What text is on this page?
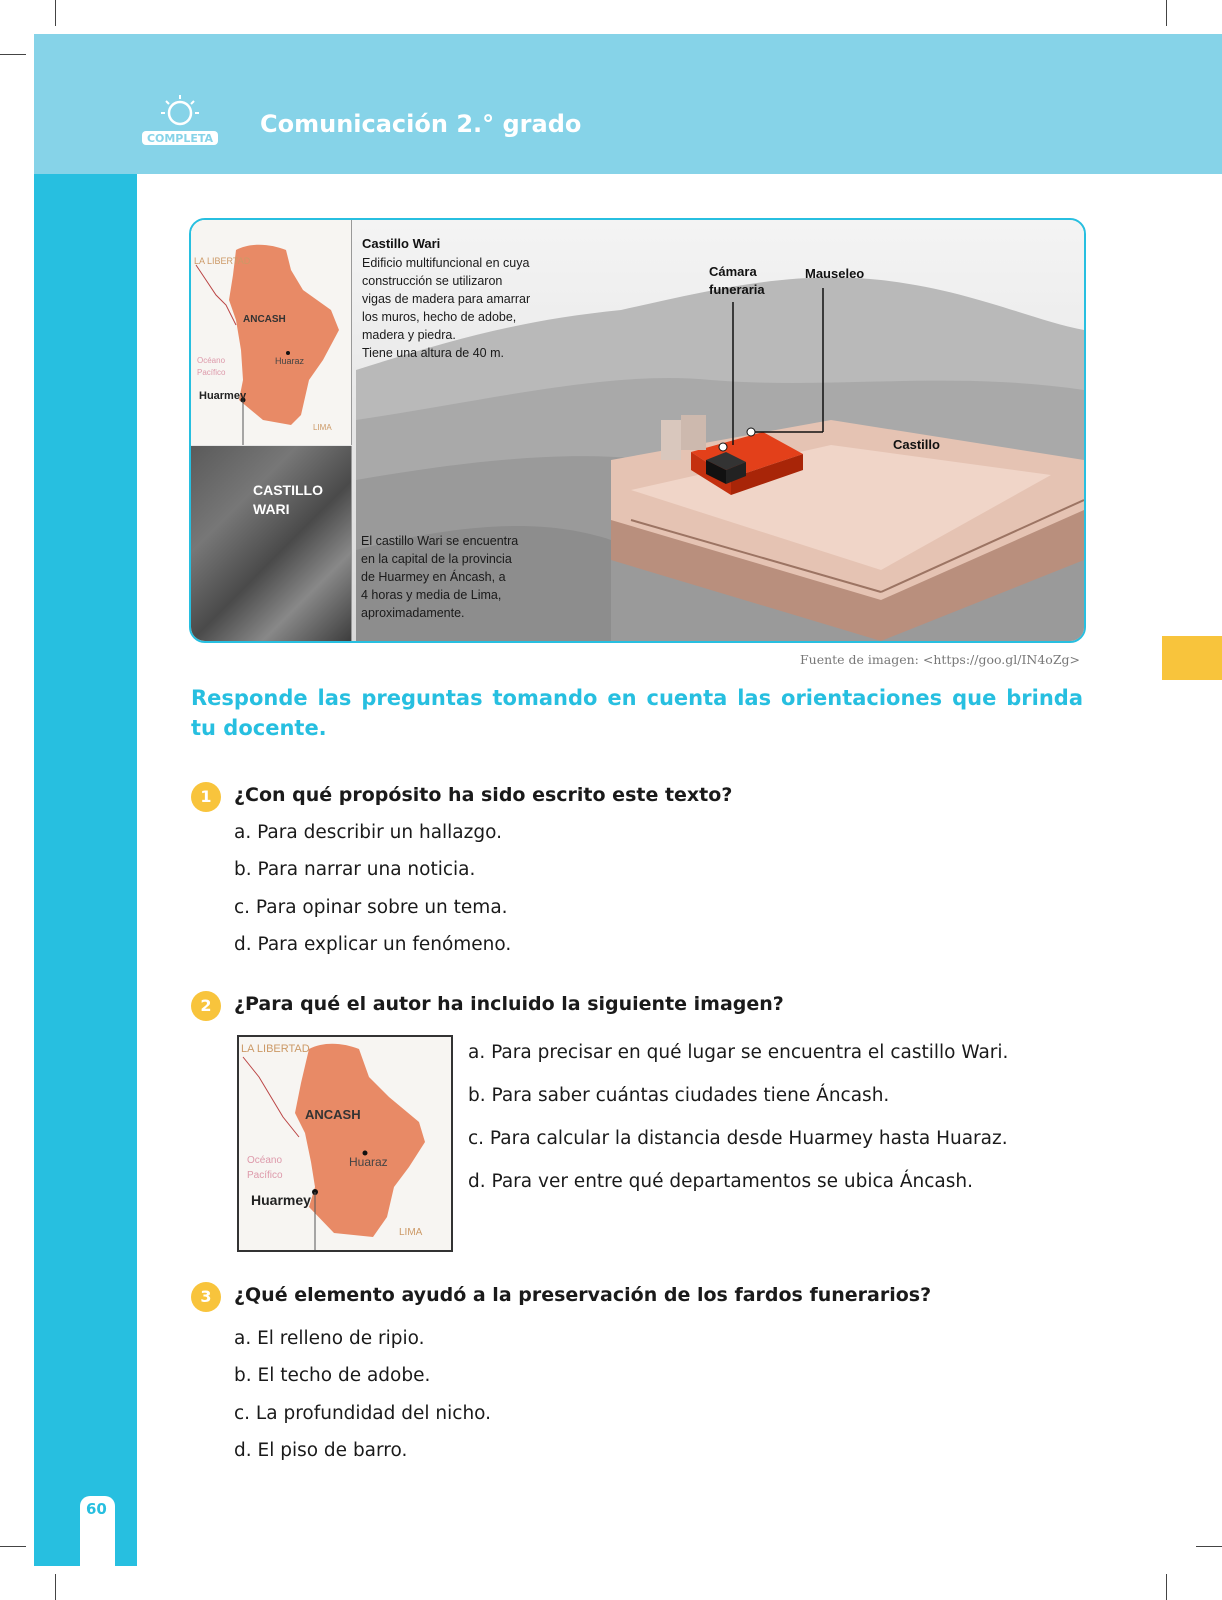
COMPLETA
Comunicación 2.° grado
60
LA LIBERTAD
ANCASH
Huaraz
Océano
Pacífico
Huarmey
LIMA
CASTILLO
WARI
Castillo Wari
Edificio multifuncional en cuya
construcción se utilizaron
vigas de madera para amarrar
los muros, hecho de adobe,
madera y piedra.
Tiene una altura de 40 m.
Cámara
funeraria
Mauseleo
Castillo
El castillo Wari se encuentra
en la capital de la provincia
de Huarmey en Áncash, a
4 horas y media de Lima,
aproximadamente.
Fuente de imagen: <https://goo.gl/IN4oZg>
Responde las preguntas tomando en cuenta las orientaciones que brinda tu docente.
1	¿Con qué propósito ha sido escrito este texto?
a. Para describir un hallazgo.
b. Para narrar una noticia.
c. Para opinar sobre un tema.
d. Para explicar un fenómeno.
2	¿Para qué el autor ha incluido la siguiente imagen?
LA LIBERTAD
ANCASH
Huaraz
Océano
Pacífico
Huarmey
LIMA
a. Para precisar en qué lugar se encuentra el castillo Wari.
b. Para saber cuántas ciudades tiene Áncash.
c. Para calcular la distancia desde Huarmey hasta Huaraz.
d. Para ver entre qué departamentos se ubica Áncash.
3	¿Qué elemento ayudó a la preservación de los fardos funerarios?
a. El relleno de ripio.
b. El techo de adobe.
c. La profundidad del nicho.
d. El piso de barro.
